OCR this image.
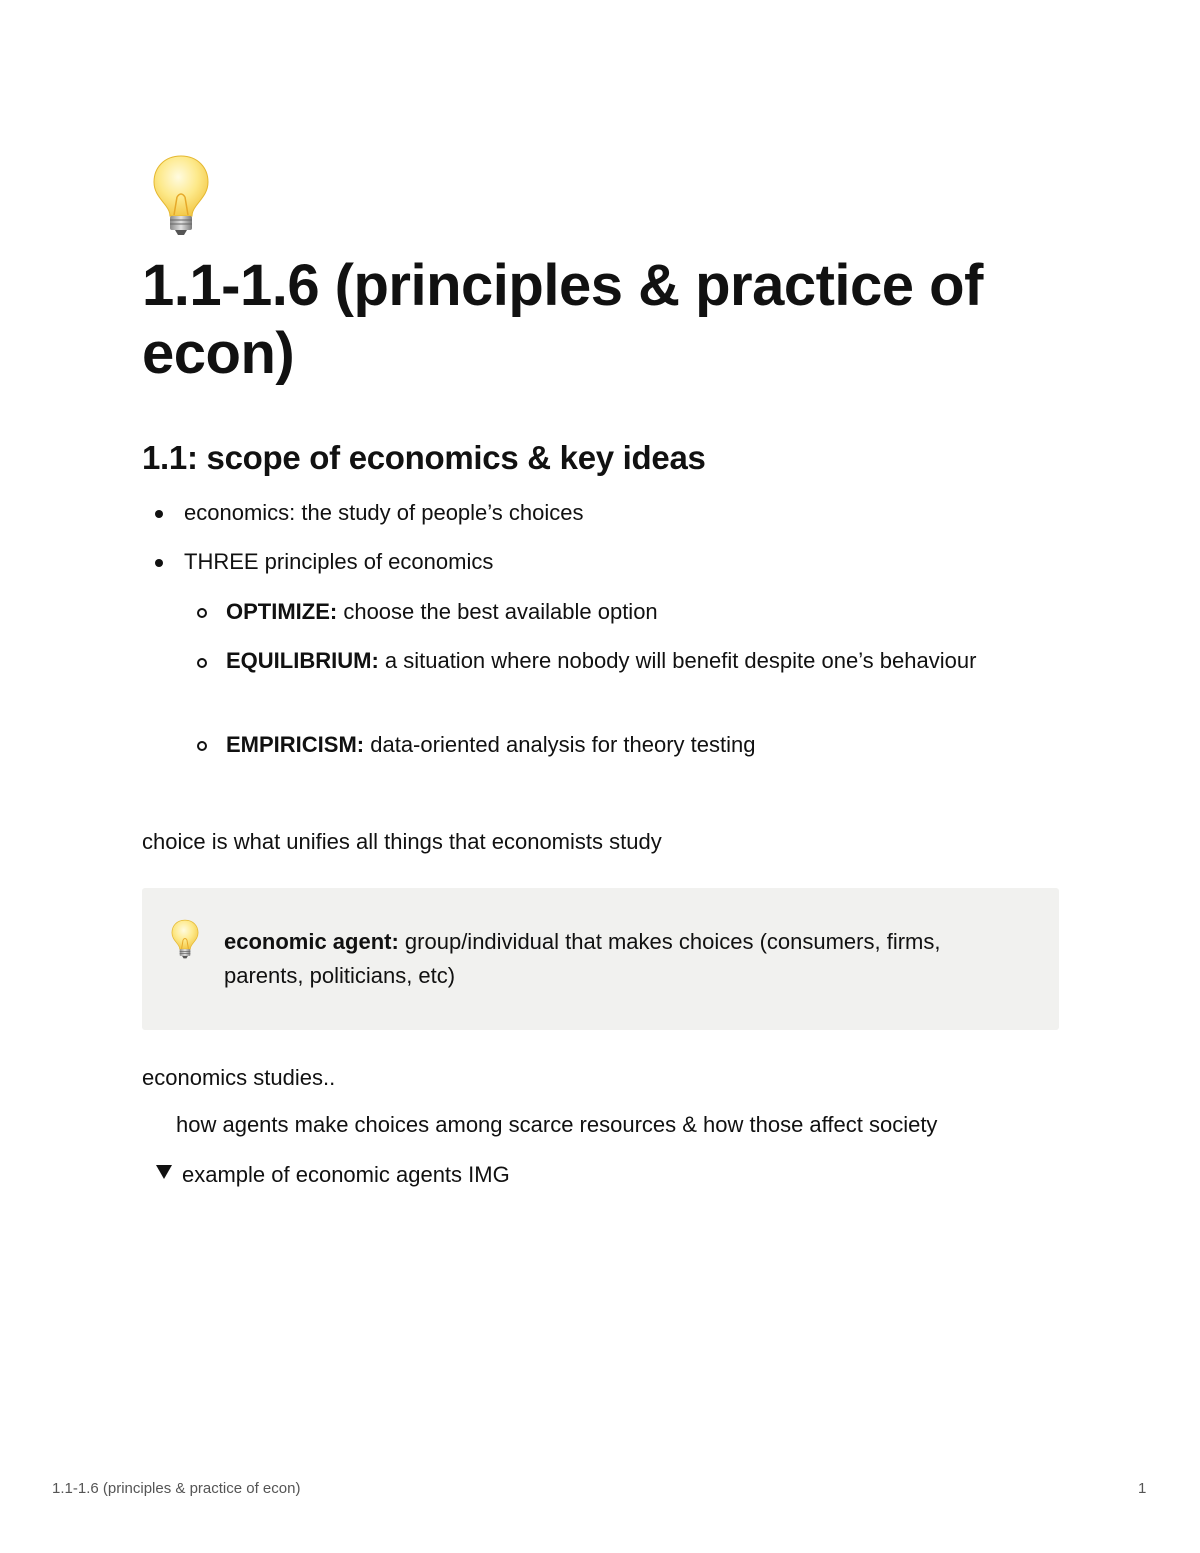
1.1-1.6 (principles & practice of econ)
1.1: scope of economics & key ideas
economics: the study of people’s choices
THREE principles of economics
OPTIMIZE: choose the best available option
EQUILIBRIUM: a situation where nobody will benefit despite one’s behaviour
EMPIRICISM: data-oriented analysis for theory testing
choice is what unifies all things that economists study
economic agent: group/individual that makes choices (consumers, firms, parents, politicians, etc)
economics studies..
how agents make choices among scarce resources & how those affect society
example of economic agents IMG
1.1-1.6 (principles & practice of econ)	1
